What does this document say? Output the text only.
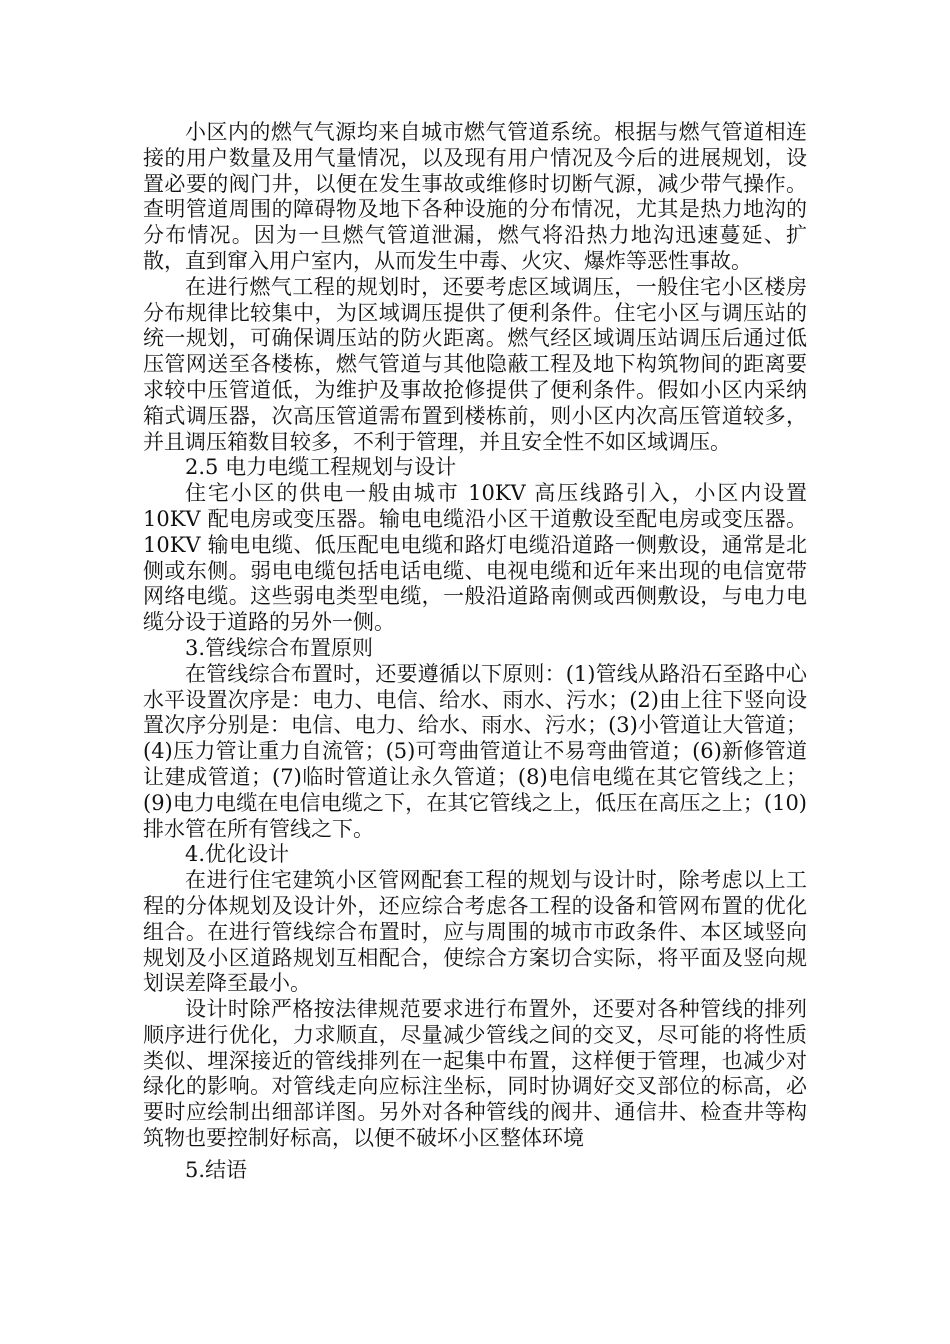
小区内的燃气气源均来自城市燃气管道系统。根据与燃气管道相连接的用户数量及用气量情况，以及现有用户情况及今后的进展规划，设置必要的阀门井，以便在发生事故或维修时切断气源，减少带气操作。查明管道周围的障碍物及地下各种设施的分布情况，尤其是热力地沟的分布情况。因为一旦燃气管道泄漏，燃气将沿热力地沟迅速蔓延、扩散，直到窜入用户室内，从而发生中毒、火灾、爆炸等恶性事故。

在进行燃气工程的规划时，还要考虑区域调压，一般住宅小区楼房分布规律比较集中，为区域调压提供了便利条件。住宅小区与调压站的统一规划，可确保调压站的防火距离。燃气经区域调压站调压后通过低压管网送至各楼栋，燃气管道与其他隐蔽工程及地下构筑物间的距离要求较中压管道低，为维护及事故抢修提供了便利条件。假如小区内采纳箱式调压器，次高压管道需布置到楼栋前，则小区内次高压管道较多，并且调压箱数目较多，不利于管理，并且安全性不如区域调压。

2.5 电力电缆工程规划与设计

住宅小区的供电一般由城市 10KV 高压线路引入，小区内设置 10KV 配电房或变压器。输电电缆沿小区干道敷设至配电房或变压器。10KV 输电电缆、低压配电电缆和路灯电缆沿道路一侧敷设，通常是北侧或东侧。弱电电缆包括电话电缆、电视电缆和近年来出现的电信宽带网络电缆。这些弱电类型电缆，一般沿道路南侧或西侧敷设，与电力电缆分设于道路的另外一侧。

3.管线综合布置原则

在管线综合布置时，还要遵循以下原则：(1)管线从路沿石至路中心水平设置次序是：电力、电信、给水、雨水、污水；(2)由上往下竖向设置次序分别是：电信、电力、给水、雨水、污水；(3)小管道让大管道；(4)压力管让重力自流管；(5)可弯曲管道让不易弯曲管道；(6)新修管道让建成管道；(7)临时管道让永久管道；(8)电信电缆在其它管线之上；(9)电力电缆在电信电缆之下，在其它管线之上，低压在高压之上；(10)排水管在所有管线之下。

4.优化设计

在进行住宅建筑小区管网配套工程的规划与设计时，除考虑以上工程的分体规划及设计外，还应综合考虑各工程的设备和管网布置的优化组合。在进行管线综合布置时，应与周围的城市市政条件、本区域竖向规划及小区道路规划互相配合，使综合方案切合实际，将平面及竖向规划误差降至最小。

设计时除严格按法律规范要求进行布置外，还要对各种管线的排列顺序进行优化，力求顺直，尽量减少管线之间的交叉，尽可能的将性质类似、埋深接近的管线排列在一起集中布置，这样便于管理，也减少对绿化的影响。对管线走向应标注坐标，同时协调好交叉部位的标高，必要时应绘制出细部详图。另外对各种管线的阀井、通信井、检查井等构筑物也要控制好标高，以便不破坏小区整体环境

5.结语
